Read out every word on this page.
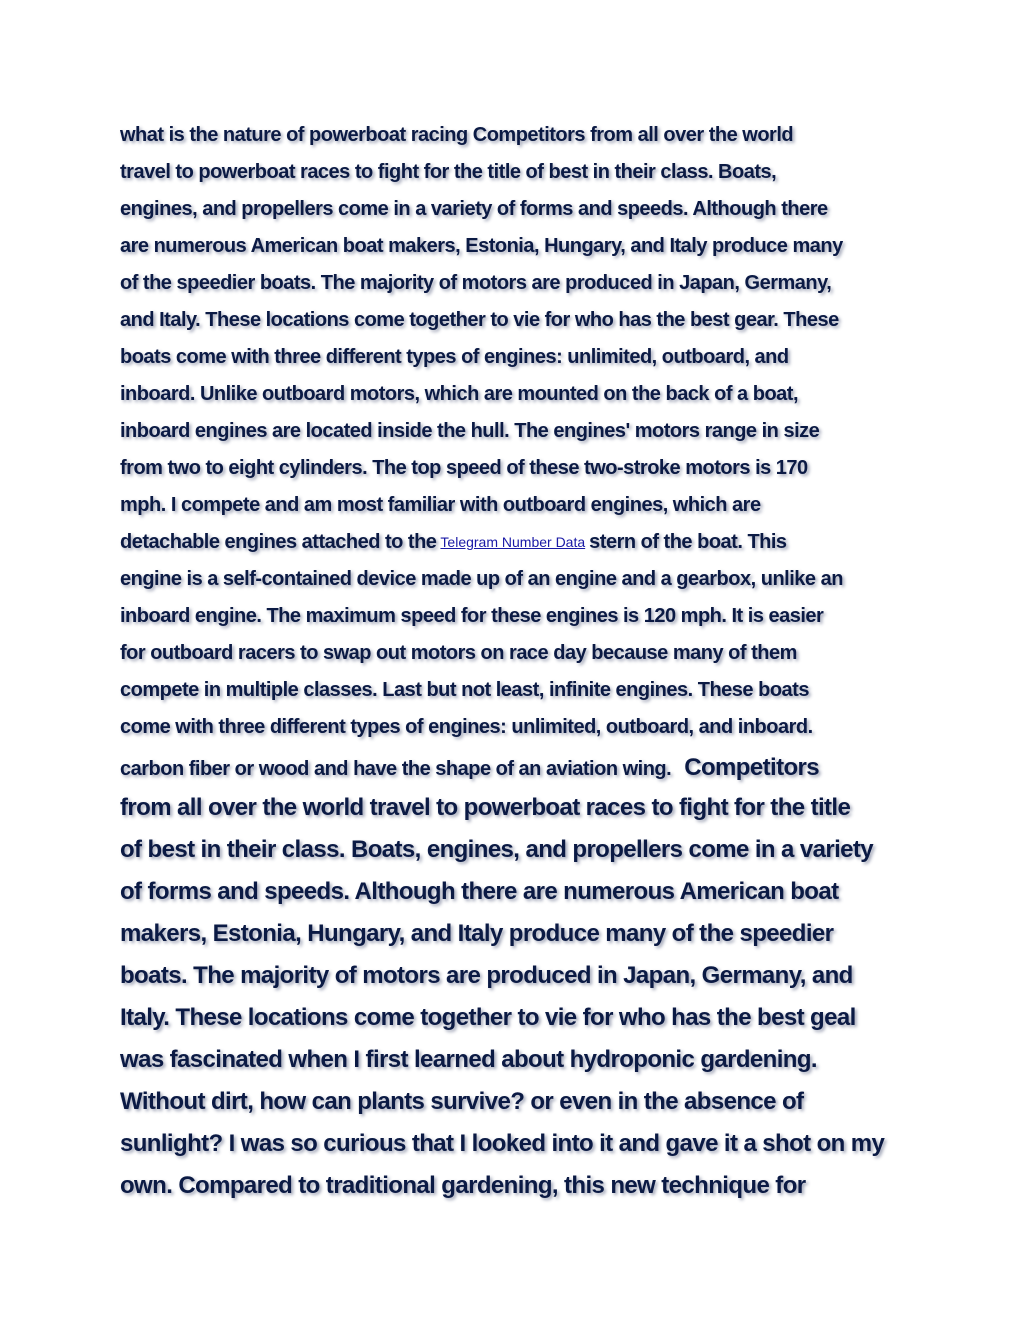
what is the nature of powerboat racing Competitors from all over the world

travel to powerboat races to fight for the title of best in their class. Boats,

engines, and propellers come in a variety of forms and speeds. Although there

are numerous American boat makers, Estonia, Hungary, and Italy produce many

of the speedier boats. The majority of motors are produced in Japan, Germany,

and Italy. These locations come together to vie for who has the best gear. These

boats come with three different types of engines: unlimited, outboard, and

inboard. Unlike outboard motors, which are mounted on the back of a boat,

inboard engines are located inside the hull. The engines' motors range in size

from two to eight cylinders. The top speed of these two-stroke motors is 170

mph. I compete and am most familiar with outboard engines, which are

detachable engines attached to the Telegram Number Data stern of the boat. This

engine is a self-contained device made up of an engine and a gearbox, unlike an

inboard engine. The maximum speed for these engines is 120 mph. It is easier

for outboard racers to swap out motors on race day because many of them

compete in multiple classes. Last but not least, infinite engines. These boats

come with three different types of engines: unlimited, outboard, and inboard.

carbon fiber or wood and have the shape of an aviation wing. Competitors

from all over the world travel to powerboat races to fight for the title

of best in their class. Boats, engines, and propellers come in a variety

of forms and speeds. Although there are numerous American boat

makers, Estonia, Hungary, and Italy produce many of the speedier

boats. The majority of motors are produced in Japan, Germany, and

Italy. These locations come together to vie for who has the best geal

was fascinated when I first learned about hydroponic gardening.

Without dirt, how can plants survive? or even in the absence of

sunlight? I was so curious that I looked into it and gave it a shot on my

own. Compared to traditional gardening, this new technique for
